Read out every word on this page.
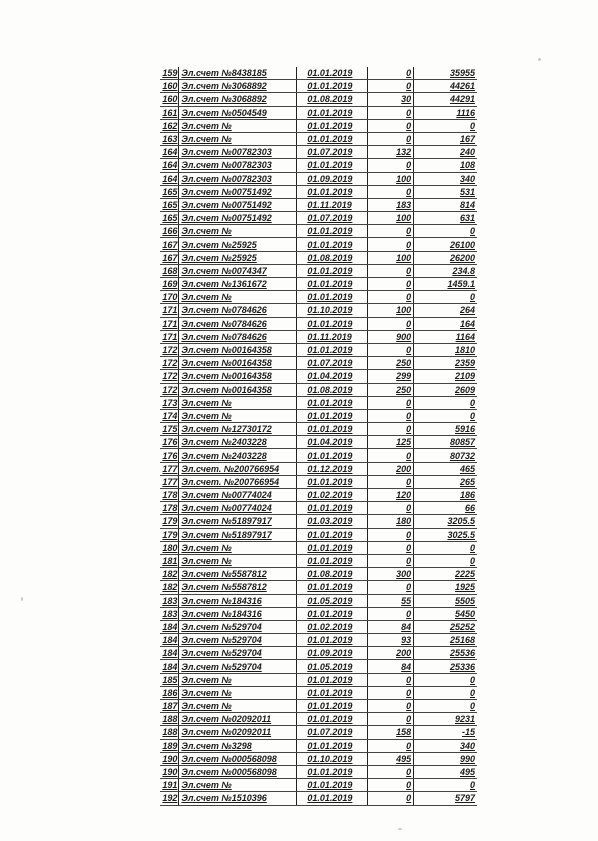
159	Эл.счет №8438185	01.01.2019	0	35955
160	Эл.счет №3068892	01.01.2019	0	44261
160	Эл.счет №3068892	01.08.2019	30	44291
161	Эл.счет №0504549	01.01.2019	0	1116
162	Эл.счет №	01.01.2019	0	0
163	Эл.счет №	01.01.2019	0	167
164	Эл.счет №00782303	01.07.2019	132	240
164	Эл.счет №00782303	01.01.2019	0	108
164	Эл.счет №00782303	01.09.2019	100	340
165	Эл.счет №00751492	01.01.2019	0	531
165	Эл.счет №00751492	01.11.2019	183	814
165	Эл.счет №00751492	01.07.2019	100	631
166	Эл.счет №	01.01.2019	0	0
167	Эл.счет №25925	01.01.2019	0	26100
167	Эл.счет №25925	01.08.2019	100	26200
168	Эл.счет №0074347	01.01.2019	0	234.8
169	Эл.счет №1361672	01.01.2019	0	1459.1
170	Эл.счет №	01.01.2019	0	0
171	Эл.счет №0784626	01.10.2019	100	264
171	Эл.счет №0784626	01.01.2019	0	164
171	Эл.счет №0784626	01.11.2019	900	1164
172	Эл.счет №00164358	01.01.2019	0	1810
172	Эл.счет №00164358	01.07.2019	250	2359
172	Эл.счет №00164358	01.04.2019	299	2109
172	Эл.счет №00164358	01.08.2019	250	2609
173	Эл.счет №	01.01.2019	0	0
174	Эл.счет №	01.01.2019	0	0
175	Эл.счет №12730172	01.01.2019	0	5916
176	Эл.счет №2403228	01.04.2019	125	80857
176	Эл.счет №2403228	01.01.2019	0	80732
177	Эл.счет. №200766954	01.12.2019	200	465
177	Эл.счет. №200766954	01.01.2019	0	265
178	Эл.счет №00774024	01.02.2019	120	186
178	Эл.счет №00774024	01.01.2019	0	66
179	Эл.счет №51897917	01.03.2019	180	3205.5
179	Эл.счет №51897917	01.01.2019	0	3025.5
180	Эл.счет №	01.01.2019	0	0
181	Эл.счет №	01.01.2019	0	0
182	Эл.счет №5587812	01.08.2019	300	2225
182	Эл.счет №5587812	01.01.2019	0	1925
183	Эл.счет №184316	01.05.2019	55	5505
183	Эл.счет №184316	01.01.2019	0	5450
184	Эл.счет №529704	01.02.2019	84	25252
184	Эл.счет №529704	01.01.2019	93	25168
184	Эл.счет №529704	01.09.2019	200	25536
184	Эл.счет №529704	01.05.2019	84	25336
185	Эл.счет №	01.01.2019	0	0
186	Эл.счет №	01.01.2019	0	0
187	Эл.счет №	01.01.2019	0	0
188	Эл.счет №02092011	01.01.2019	0	9231
188	Эл.счет №02092011	01.07.2019	158	-15
189	Эл.счет №3298	01.01.2019	0	340
190	Эл.счет №000568098	01.10.2019	495	990
190	Эл.счет №000568098	01.01.2019	0	495
191	Эл.счет №	01.01.2019	0	0
192	Эл.счет №1510396	01.01.2019	0	5797
